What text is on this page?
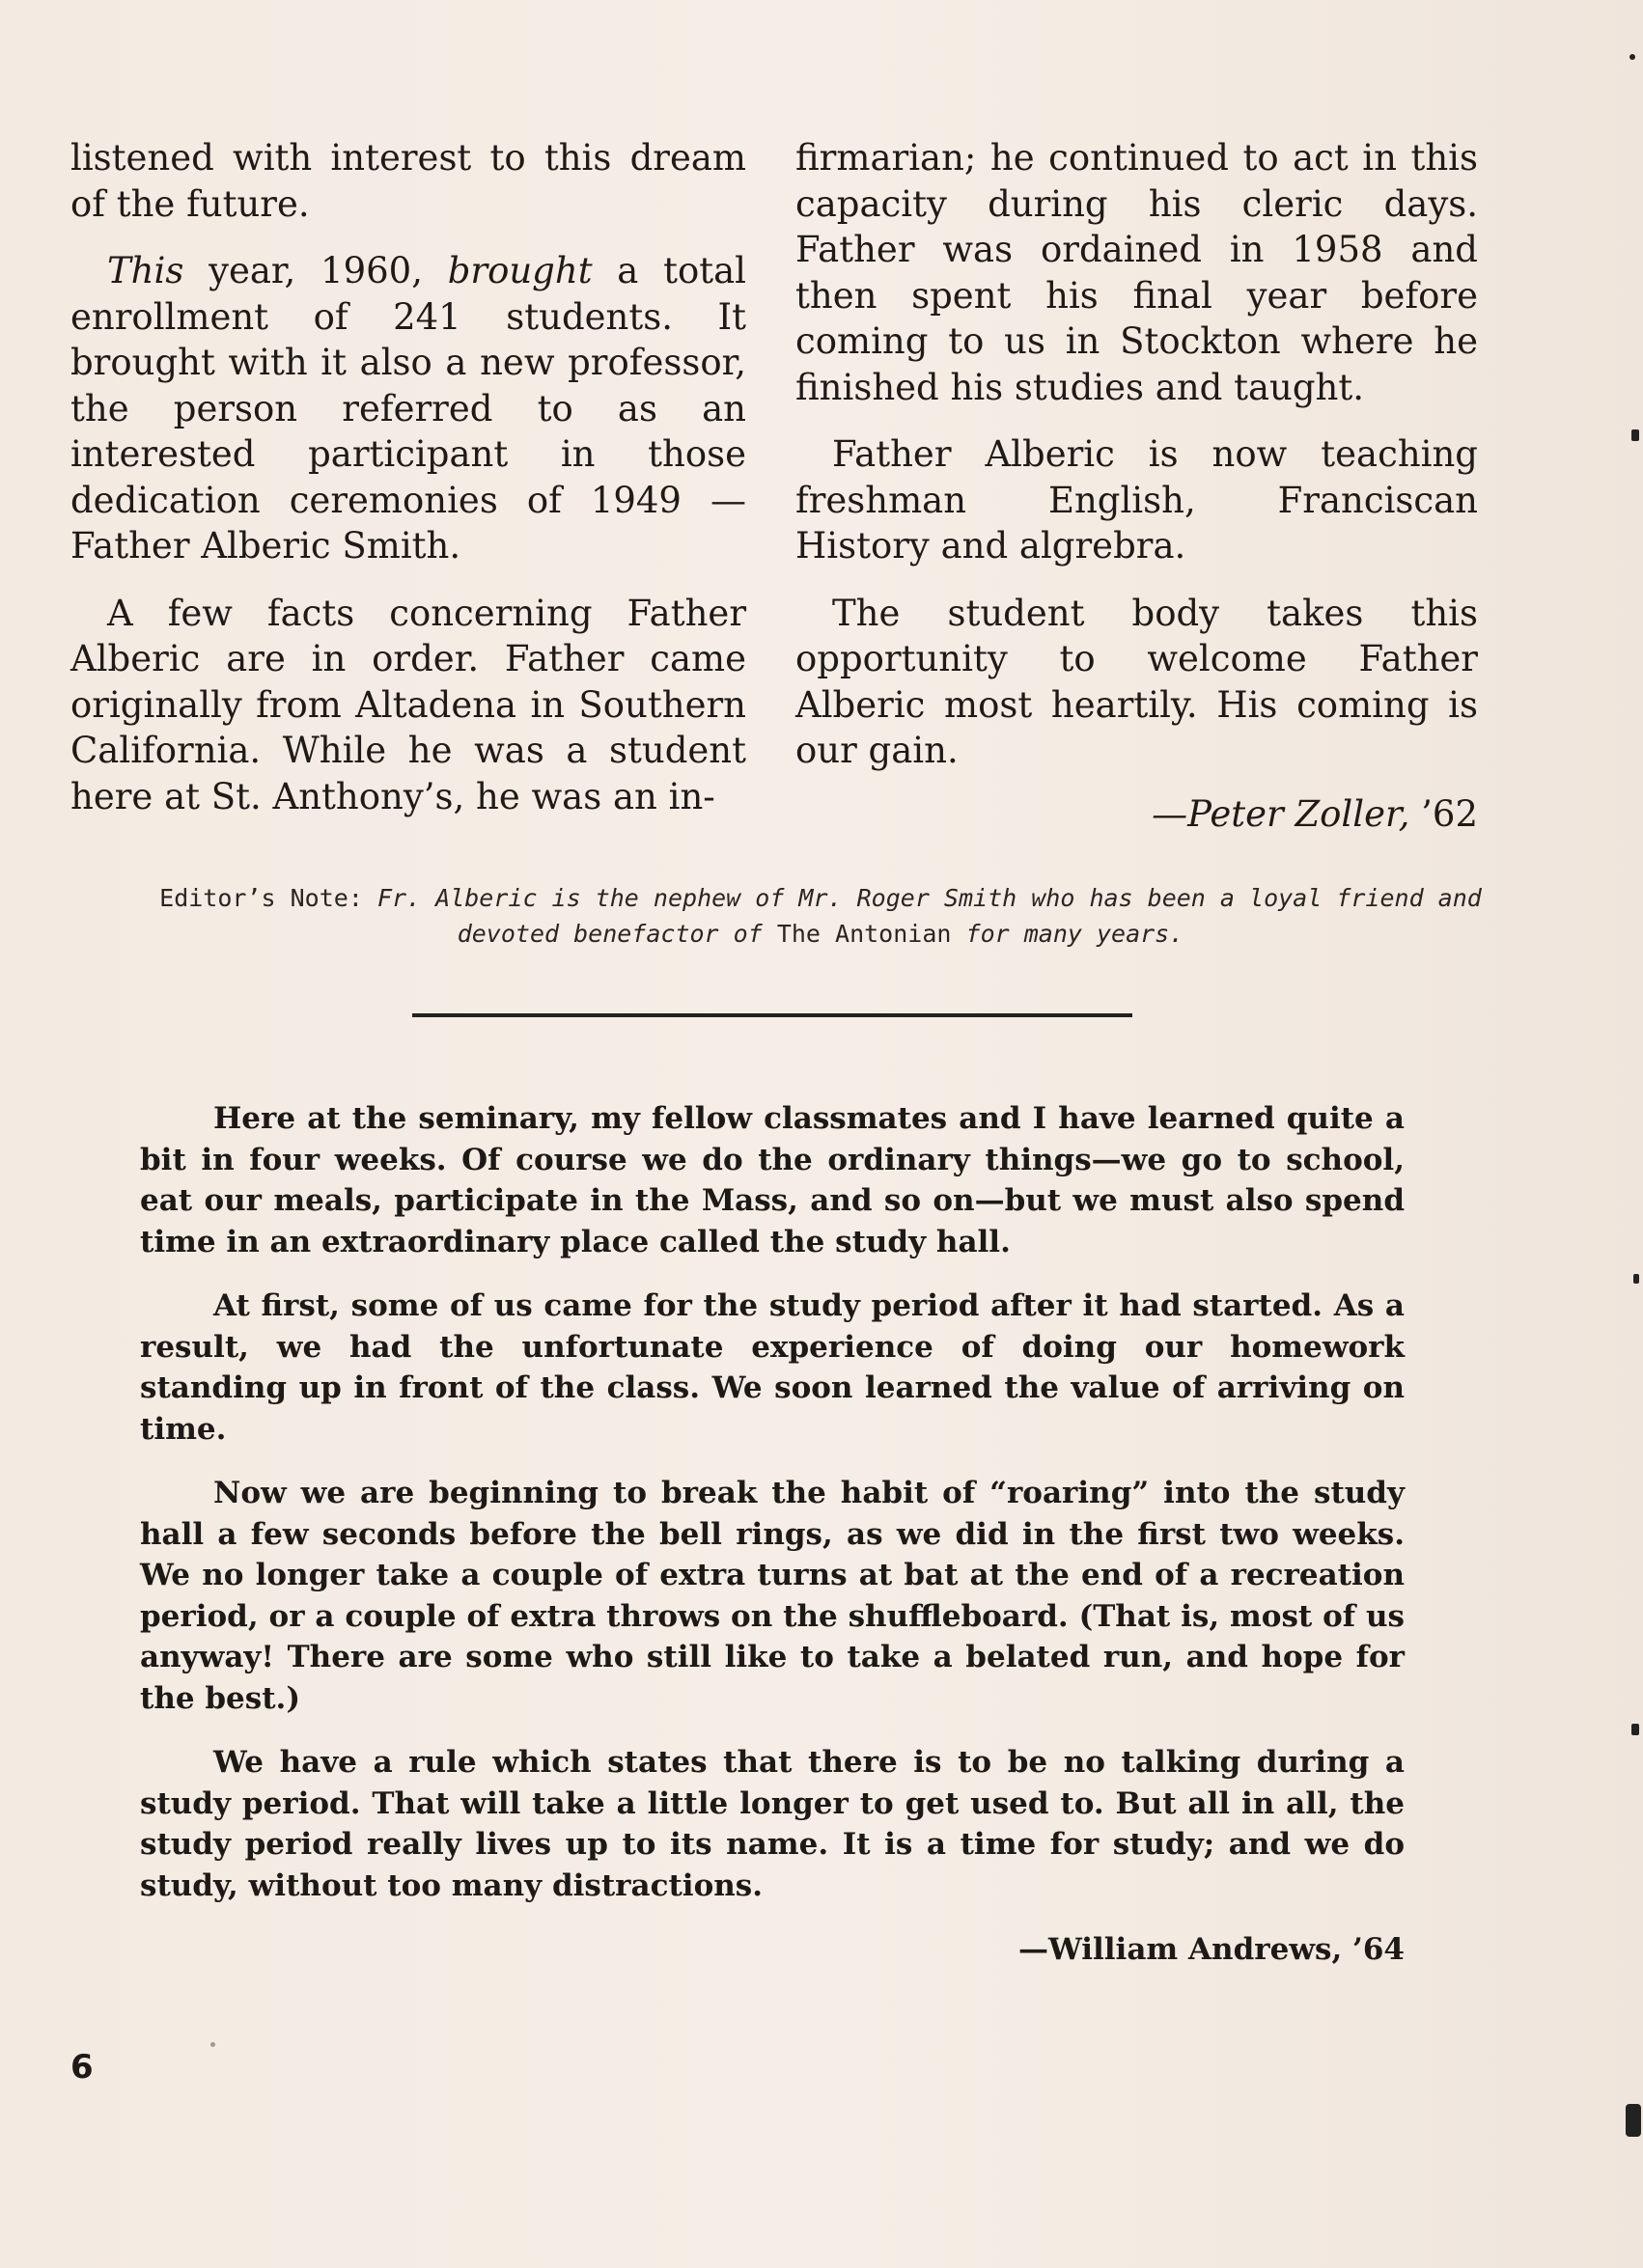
listened with interest to this dream of the future.

This year, 1960, brought a total enrollment of 241 students. It brought with it also a new professor, the person referred to as an interested participant in those dedication ceremonies of 1949 — Father Alberic Smith.

A few facts concerning Father Alberic are in order. Father came originally from Altadena in Southern California. While he was a student here at St. Anthony’s, he was an in-

firmarian; he continued to act in this capacity during his cleric days. Father was ordained in 1958 and then spent his final year before coming to us in Stockton where he finished his studies and taught.

Father Alberic is now teaching freshman English, Franciscan History and algrebra.

The student body takes this opportunity to welcome Father Alberic most heartily. His coming is our gain.

—Peter Zoller, ’62

Editor’s Note: Fr. Alberic is the nephew of Mr. Roger Smith who has been a loyal friend and devoted benefactor of The Antonian for many years.

Here at the seminary, my fellow classmates and I have learned quite a bit in four weeks. Of course we do the ordinary things—we go to school, eat our meals, participate in the Mass, and so on—but we must also spend time in an extraordinary place called the study hall.

At first, some of us came for the study period after it had started. As a result, we had the unfortunate experience of doing our homework standing up in front of the class. We soon learned the value of arriving on time.

Now we are beginning to break the habit of “roaring” into the study hall a few seconds before the bell rings, as we did in the first two weeks. We no longer take a couple of extra turns at bat at the end of a recreation period, or a couple of extra throws on the shuffleboard. (That is, most of us anyway! There are some who still like to take a belated run, and hope for the best.)

We have a rule which states that there is to be no talking during a study period. That will take a little longer to get used to. But all in all, the study period really lives up to its name. It is a time for study; and we do study, without too many distractions.

—William Andrews, ’64

6
